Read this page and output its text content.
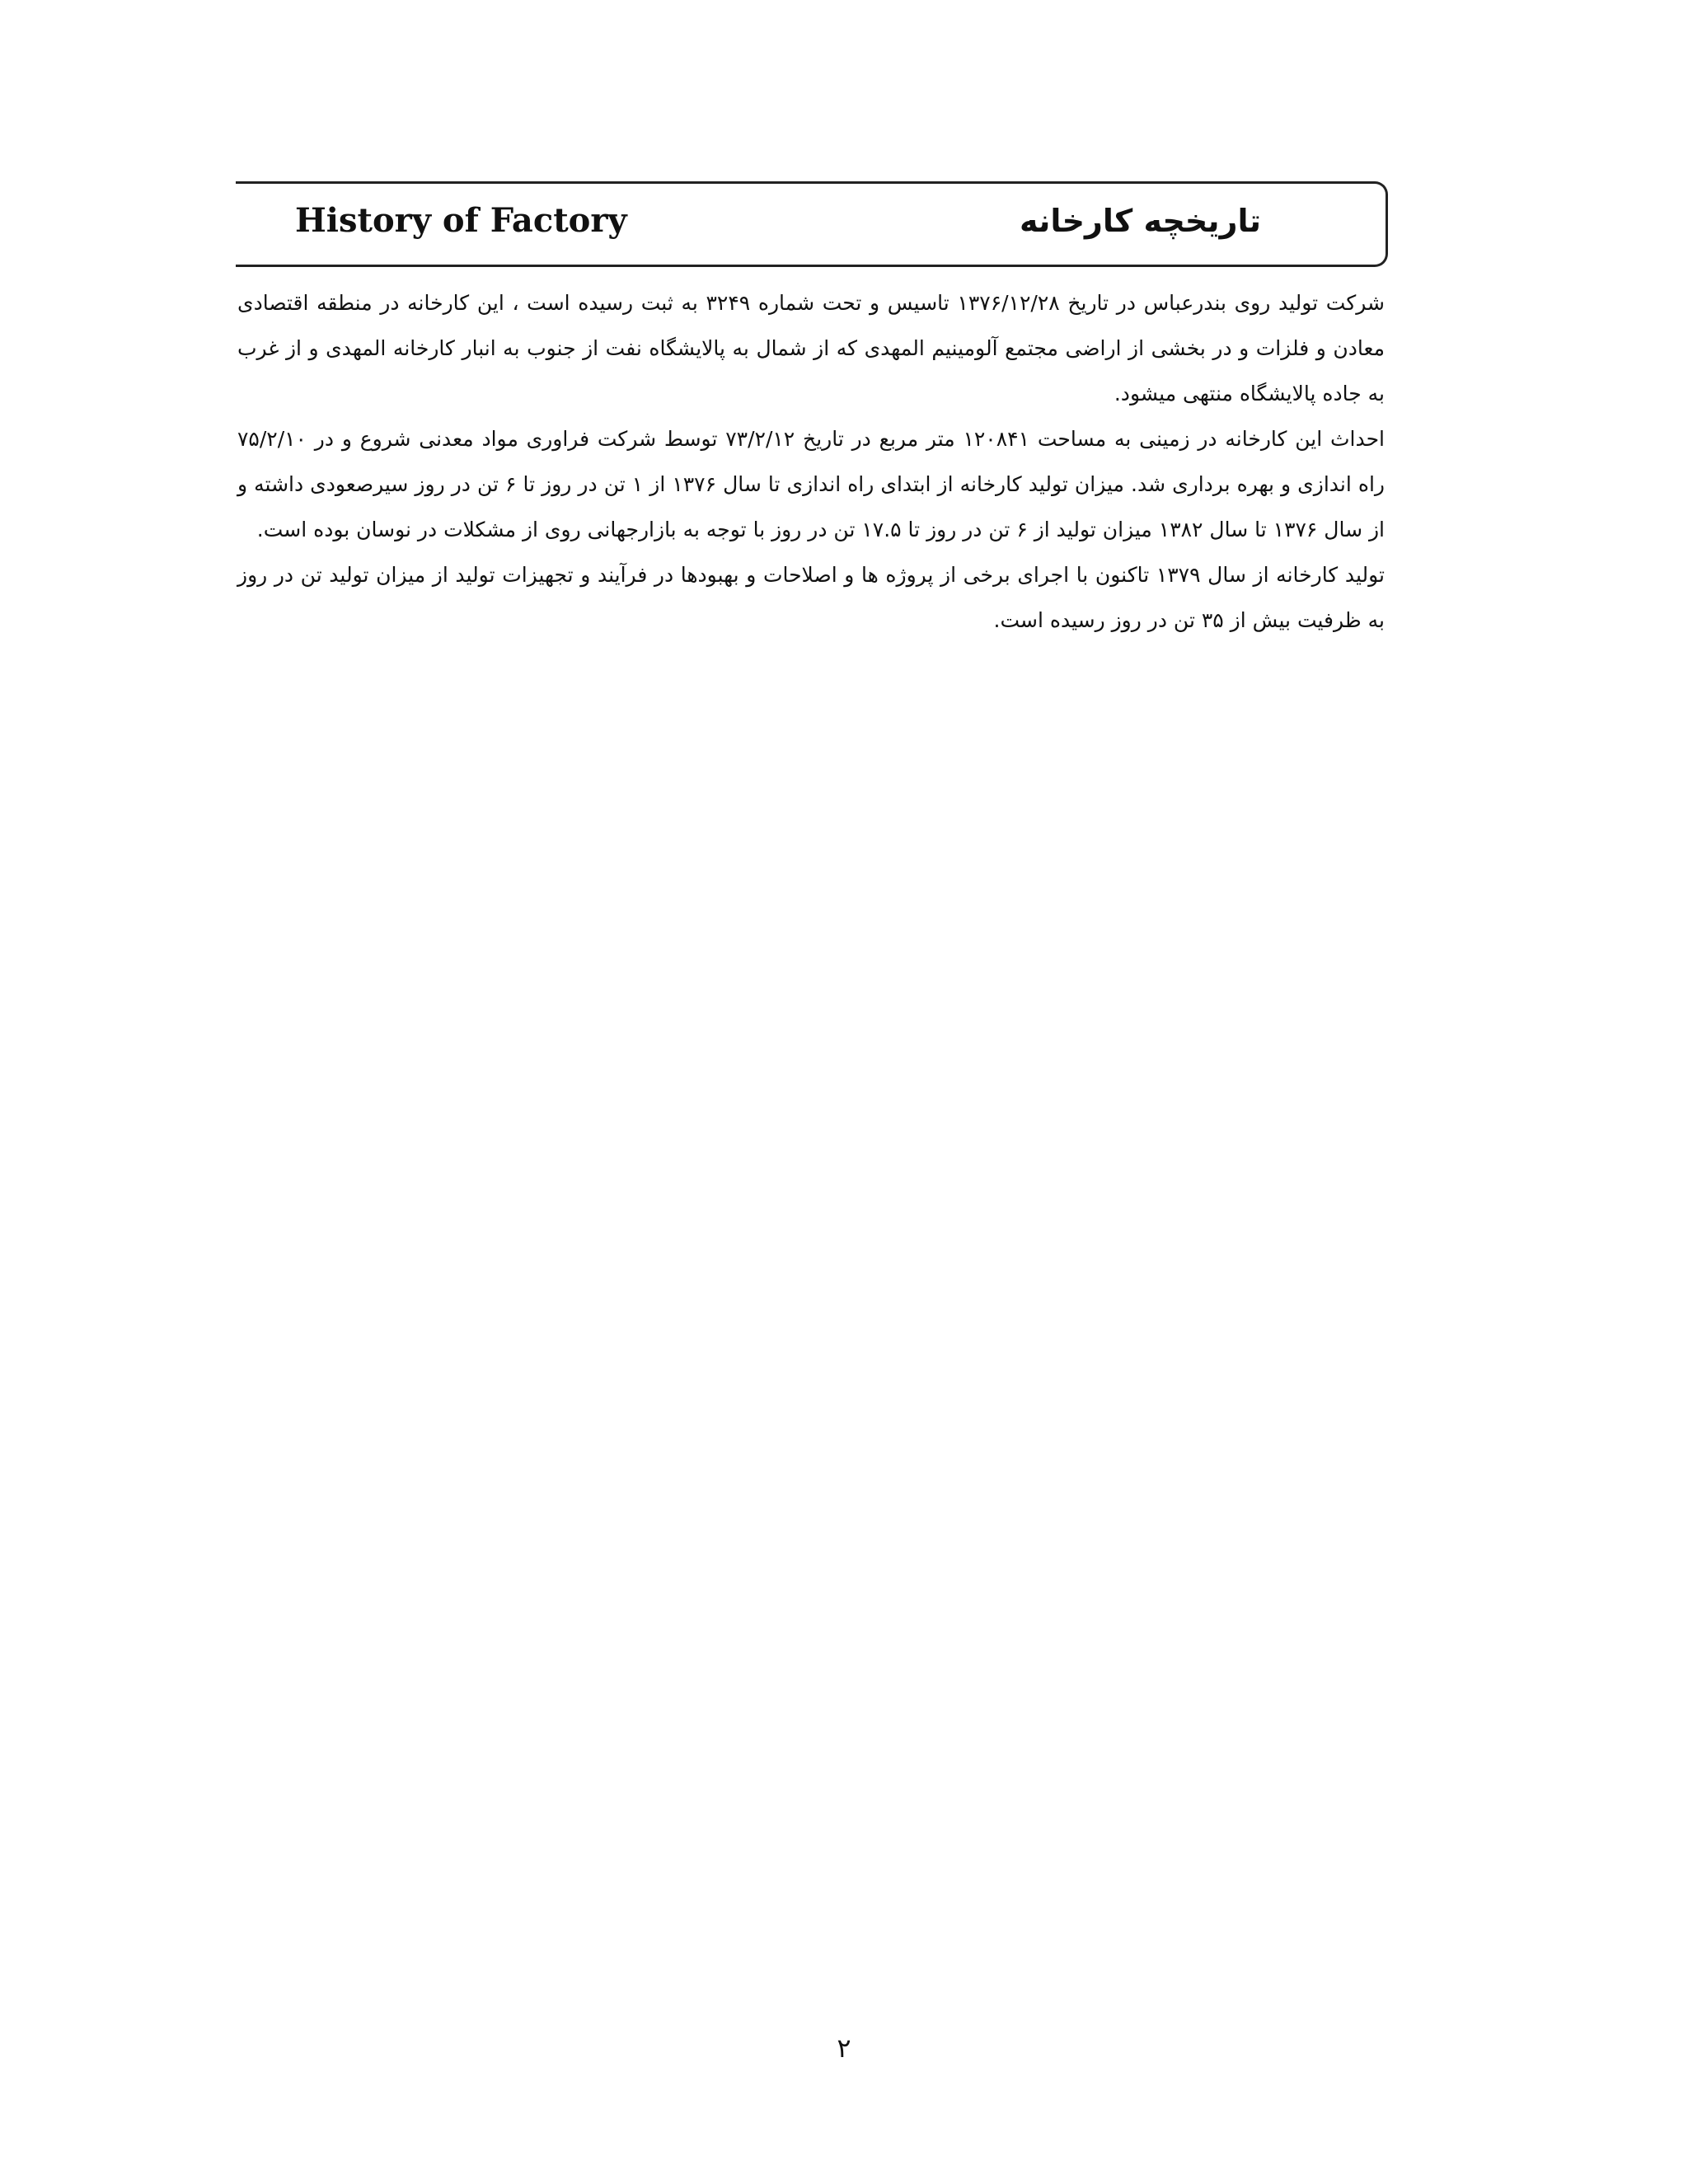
History of Factory	تاریخچه کارخانه

شرکت تولید روی بندرعباس در تاریخ ۱۳۷۶/۱۲/۲۸ تاسیس و تحت شماره ۳۲۴۹ به ثبت رسیده است ، این کارخانه در منطقه اقتصادی معادن و فلزات و در بخشی از اراضی مجتمع آلومینیم المهدی که از شمال به پالایشگاه نفت از جنوب به انبار کارخانه المهدی و از غرب به جاده پالایشگاه منتهی میشود.

احداث این کارخانه در زمینی به مساحت ۱۲۰۸۴۱ متر مربع در تاریخ ۷۳/۲/۱۲ توسط شرکت فراوری مواد معدنی شروع و در ۷۵/۲/۱۰ راه اندازی و بهره برداری شد. میزان تولید کارخانه از ابتدای راه اندازی تا سال ۱۳۷۶ از ۱ تن در روز تا ۶ تن در روز سیرصعودی داشته و از سال ۱۳۷۶ تا سال ۱۳۸۲ میزان تولید از ۶ تن در روز تا ۱۷.۵ تن در روز با توجه به بازارجهانی روی از مشکلات در نوسان بوده است.

تولید کارخانه از سال ۱۳۷۹ تاکنون با اجرای برخی از پروژه ها و اصلاحات و بهبودها در فرآیند و تجهیزات تولید از میزان تولید تن در روز به ظرفیت بیش از ۳۵ تن در روز رسیده است.

۲
